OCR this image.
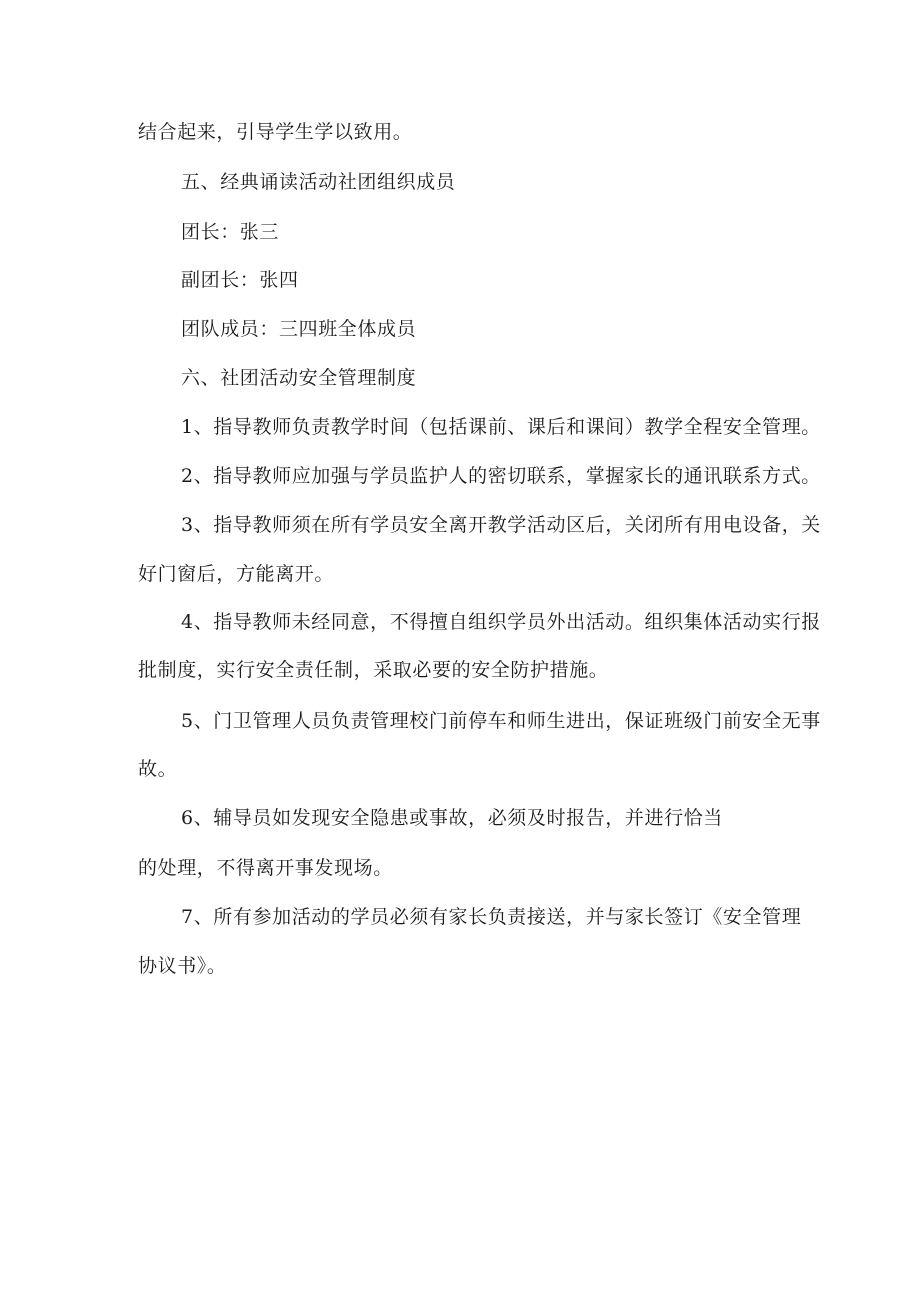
结合起来，引导学生学以致用。

五、经典诵读活动社团组织成员

团长：张三

副团长：张四

团队成员：三四班全体成员

六、社团活动安全管理制度

1、指导教师负责教学时间（包括课前、课后和课间）教学全程安全管理。

2、指导教师应加强与学员监护人的密切联系，掌握家长的通讯联系方式。

3、指导教师须在所有学员安全离开教学活动区后，关闭所有用电设备，关

好门窗后，方能离开。

4、指导教师未经同意，不得擅自组织学员外出活动。组织集体活动实行报

批制度，实行安全责任制，采取必要的安全防护措施。

5、门卫管理人员负责管理校门前停车和师生进出，保证班级门前安全无事

故。

6、辅导员如发现安全隐患或事故，必须及时报告，并进行恰当

的处理，不得离开事发现场。

7、所有参加活动的学员必须有家长负责接送，并与家长签订《安全管理

协议书》。
